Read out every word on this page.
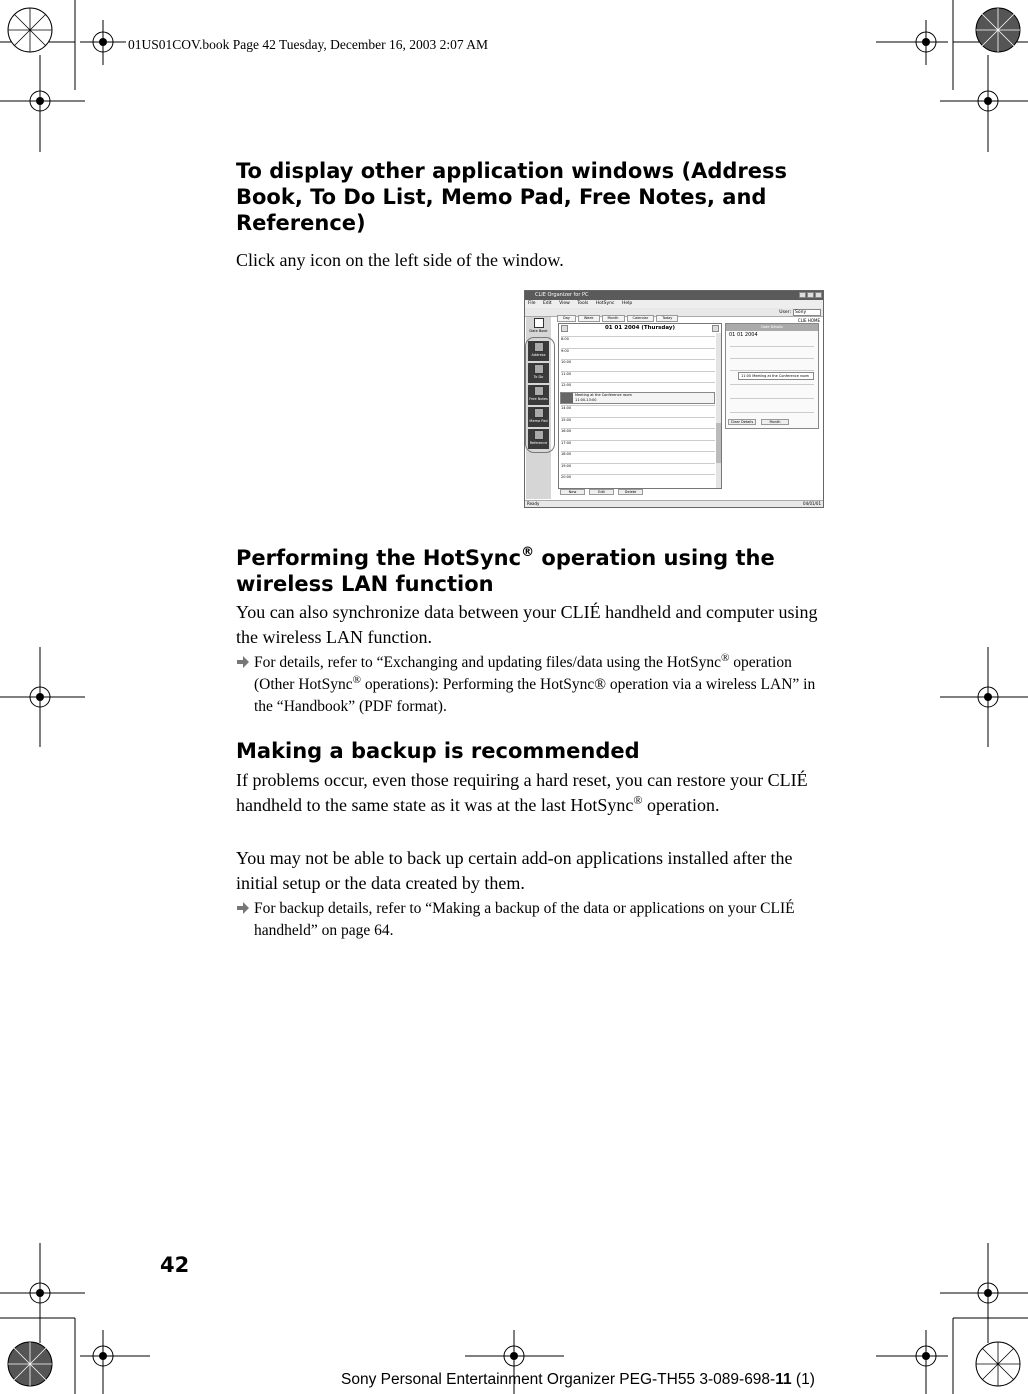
01US01COV.book Page 42 Tuesday, December 16, 2003 2:07 AM
To display other application windows (Address Book, To Do List, Memo Pad, Free Notes, and Reference)

Click any icon on the left side of the window.

CLIE Organizer for PC
File Edit View Tools HotSync Help
User: Sony
CLIE HOME
Date Book
Address
To Do
Free Notes
Memo Pad
Reference
Day	Week	Month	Calendar	Today
01 01 2004 (Thursday)
8:00
9:00
10:00
11:00
12:00
14:00
15:00
16:00
17:00
18:00
19:00
20:00
Meeting at the Conference room
11:00-13:00
New	Edit	Delete
Date Details
01 01 2004
11:00 Meeting at the Conference room
Clear Details	Month
Ready	04/01/01
Performing the HotSync® operation using the wireless LAN function

You can also synchronize data between your CLIÉ handheld and computer using the wireless LAN function.

For details, refer to “Exchanging and updating files/data using the HotSync® operation (Other HotSync® operations): Performing the HotSync® operation via a wireless LAN” in the “Handbook” (PDF format).

Making a backup is recommended

If problems occur, even those requiring a hard reset, you can restore your CLIÉ handheld to the same state as it was at the last HotSync® operation.

You may not be able to back up certain add-on applications installed after the initial setup or the data created by them.

For backup details, refer to “Making a backup of the data or applications on your CLIÉ handheld” on page 64.

42
Sony Personal Entertainment Organizer PEG-TH55 3-089-698-11 (1)
